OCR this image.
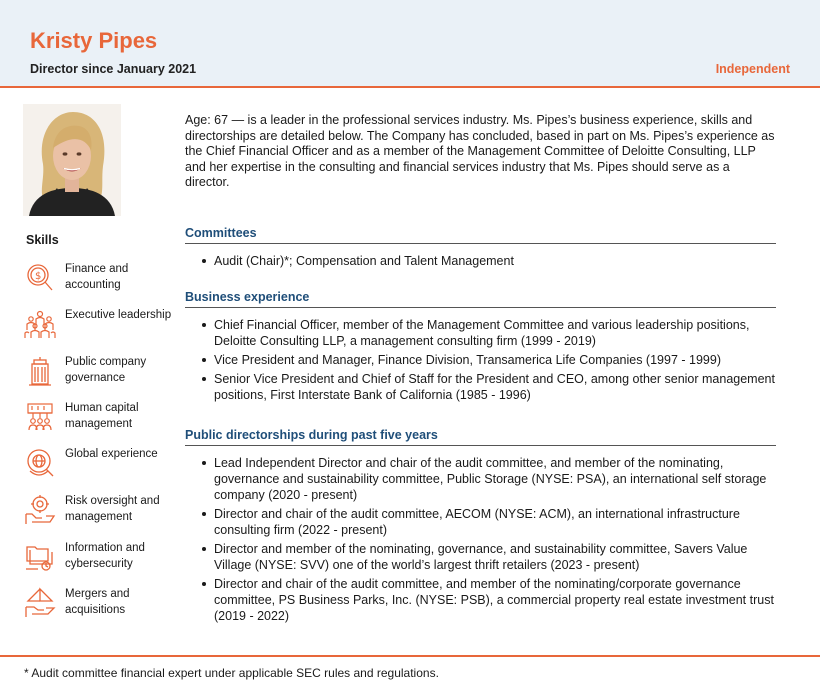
Kristy Pipes
Director since January 2021	Independent
Skills
$
Finance and accounting
Executive leadership
Public company governance
Human capital management
Global experience
Risk oversight and management
Information and cybersecurity
Mergers and acquisitions
Age: 67 — is a leader in the professional services industry. Ms. Pipes’s business experience, skills and directorships are detailed below. The Company has concluded, based in part on Ms. Pipes’s experience as the Chief Financial Officer and as a member of the Management Committee of Deloitte Consulting, LLP and her expertise in the consulting and financial services industry that Ms. Pipes should serve as a director.
Committees
Audit (Chair)*; Compensation and Talent Management
Business experience
Chief Financial Officer, member of the Management Committee and various leadership positions, Deloitte Consulting LLP, a management consulting firm (1999 - 2019)
Vice President and Manager, Finance Division, Transamerica Life Companies (1997 - 1999)
Senior Vice President and Chief of Staff for the President and CEO, among other senior management positions, First Interstate Bank of California (1985 - 1996)
Public directorships during past five years
Lead Independent Director and chair of the audit committee, and member of the nominating, governance and sustainability committee, Public Storage (NYSE: PSA), an international self storage company (2020 - present)
Director and chair of the audit committee, AECOM (NYSE: ACM), an international infrastructure consulting firm (2022 - present)
Director and member of the nominating, governance, and sustainability committee, Savers Value Village (NYSE: SVV) one of the world’s largest thrift retailers (2023 - present)
Director and chair of the audit committee, and member of the nominating/corporate governance committee, PS Business Parks, Inc. (NYSE: PSB), a commercial property real estate investment trust (2019 - 2022)
* Audit committee financial expert under applicable SEC rules and regulations.
